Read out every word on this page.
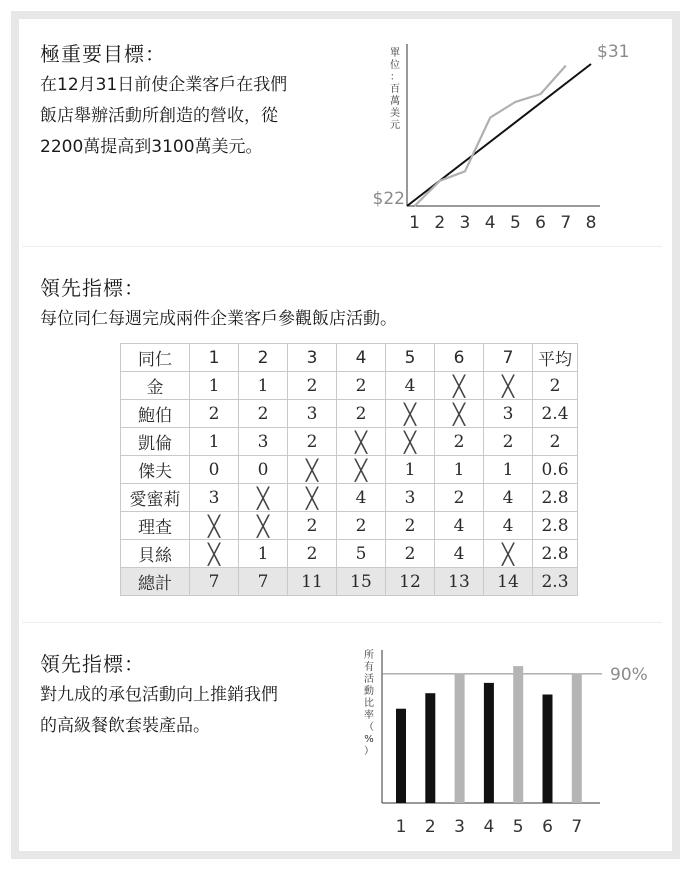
極重要目標：
在12月31日前使企業客戶在我們
飯店舉辦活動所創造的營收，從
2200萬提高到3100萬美元。
單位：百萬美元
$22
$31
1 2 3 4 5 6 7 8
領先指標：
每位同仁每週完成兩件企業客戶參觀飯店活動。
同仁	1	2	3	4	5	6	7	平均
金	1	1	2	2	4	╳	╳	2
鮑伯	2	2	3	2	╳	╳	3	2.4
凱倫	1	3	2	╳	╳	2	2	2
傑夫	0	0	╳	╳	1	1	1	0.6
愛蜜莉	3	╳	╳	4	3	2	4	2.8
理查	╳	╳	2	2	2	4	4	2.8
貝絲	╳	1	2	5	2	4	╳	2.8
總計	7	7	11	15	12	13	14	2.3
領先指標：
對九成的承包活動向上推銷我們
的高級餐飲套裝產品。
90%
所有活動比率（%）
1 2 3 4 5 6 7
